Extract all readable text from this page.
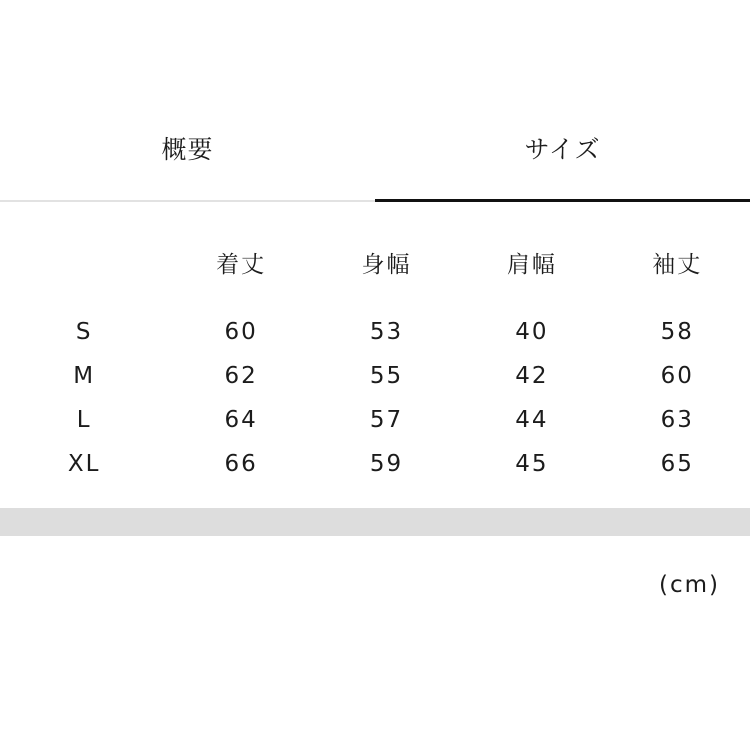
概要	サイズ
	着丈	身幅	肩幅	袖丈
S	60	53	40	58
M	62	55	42	60
L	64	57	44	63
XL	66	59	45	65
(cm)
